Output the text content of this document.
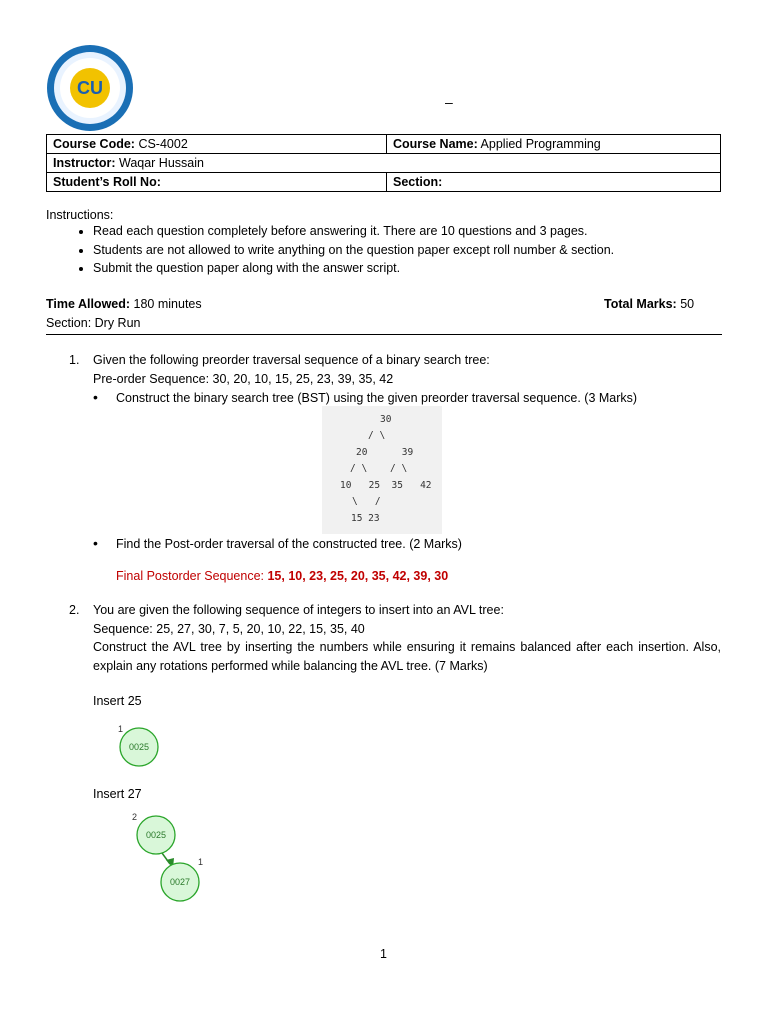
CU
–
Course Code: CS-4002	Course Name: Applied Programming
Instructor: Waqar Hussain	
Student’s Roll No:	Section:
Instructions:
• Read each question completely before answering it. There are 10 questions and 3 pages.
• Students are not allowed to write anything on the question paper except roll number & section.
• Submit the question paper along with the answer script.
Time Allowed: 180 minutes	Total Marks: 50
Section: Dry Run
1. Given the following preorder traversal sequence of a binary search tree:
Pre-order Sequence: 30, 20, 10, 15, 25, 23, 39, 35, 42
• Construct the binary search tree (BST) using the given preorder traversal sequence. (3 Marks)
30
/ \
20      39
/ \    / \
10   25  35   42
\   /
15 23
• Find the Post-order traversal of the constructed tree. (2 Marks)
Final Postorder Sequence: 15, 10, 23, 25, 20, 35, 42, 39, 30
2. You are given the following sequence of integers to insert into an AVL tree:
Sequence: 25, 27, 30, 7, 5, 20, 10, 22, 15, 35, 40
Construct the AVL tree by inserting the numbers while ensuring it remains balanced after each insertion. Also, explain any rotations performed while balancing the AVL tree. (7 Marks)
Insert 25
1
0025
Insert 27
2
0025
1
0027
1
